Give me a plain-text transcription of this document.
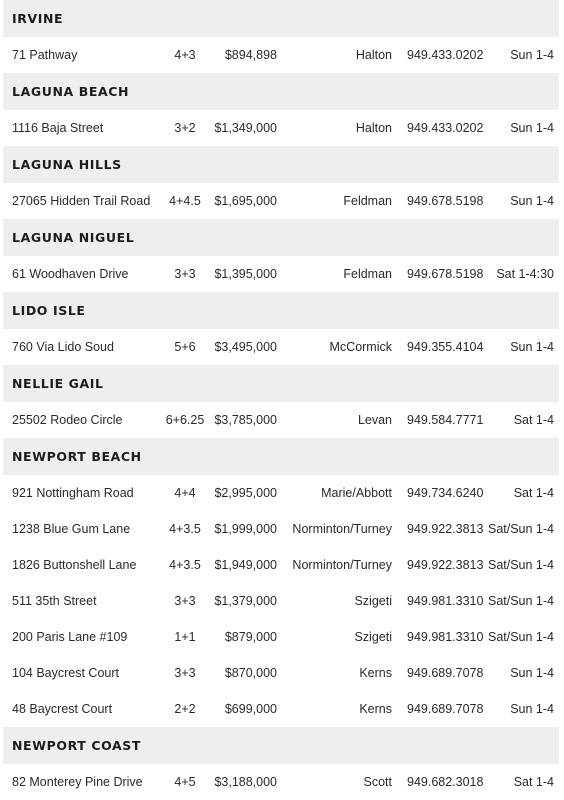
IRVINE
71 Pathway	4+3	$894,898	Halton 949.433.0202 Sun 1-4
LAGUNA BEACH
1116 Baja Street	3+2	$1,349,000	Halton 949.433.0202 Sun 1-4
LAGUNA HILLS
27065 Hidden Trail Road	4+4.5	$1,695,000	Feldman 949.678.5198 Sun 1-4
LAGUNA NIGUEL
61 Woodhaven Drive	3+3	$1,395,000	Feldman 949.678.5198 Sat 1-4:30
LIDO ISLE
760 Via Lido Soud	5+6	$3,495,000	McCormick 949.355.4104 Sun 1-4
NELLIE GAIL
25502 Rodeo Circle	6+6.25 $3,785,000	Levan 949.584.7771 Sat 1-4
NEWPORT BEACH
921 Nottingham Road	4+4	$2,995,000	Marie/Abbott 949.734.6240 Sat 1-4
1238 Blue Gum Lane	4+3.5	$1,999,000 Norminton/Turney 949.922.3813 Sat/Sun 1-4
1826 Buttonshell Lane	4+3.5	$1,949,000 Norminton/Turney 949.922.3813 Sat/Sun 1-4
511 35th Street	3+3	$1,379,000	Szigeti 949.981.3310 Sat/Sun 1-4
200 Paris Lane #109	1+1	$879,000	Szigeti 949.981.3310 Sat/Sun 1-4
104 Baycrest Court	3+3	$870,000	Kerns 949.689.7078 Sun 1-4
48 Baycrest Court	2+2	$699,000	Kerns 949.689.7078 Sun 1-4
NEWPORT COAST
82 Monterey Pine Drive	4+5	$3,188,000	Scott 949.682.3018 Sat 1-4
